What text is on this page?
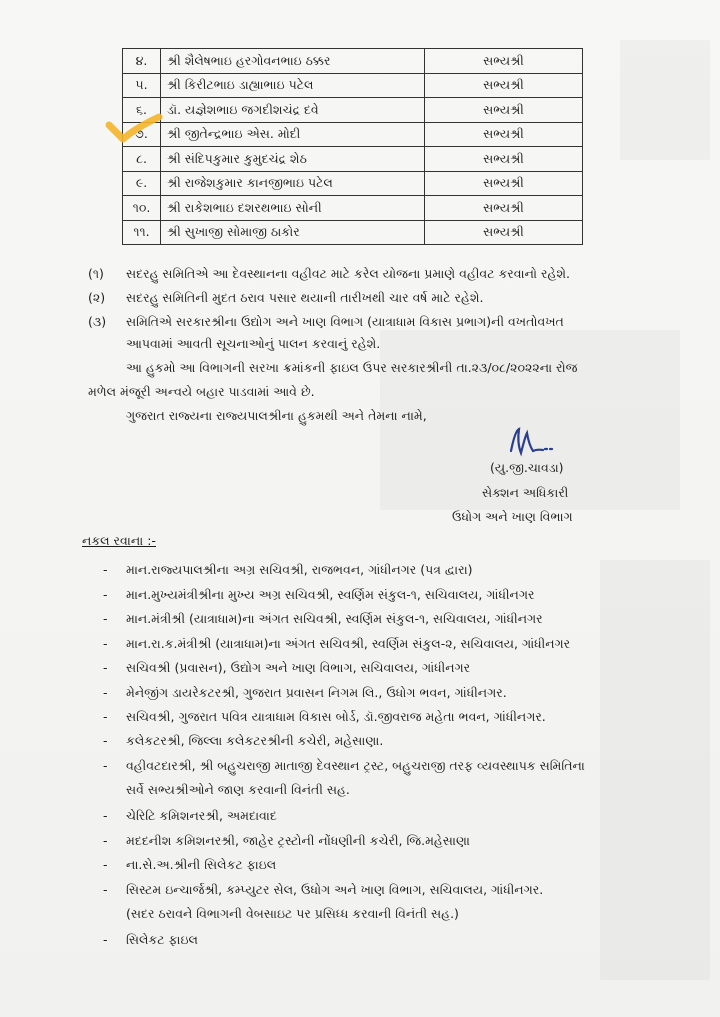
૪.	શ્રી શૈલેષભાઇ હરગોવનભાઇ ઠક્કર	સભ્યશ્રી
૫.	શ્રી કિરીટભાઇ ડાહ્યાભાઇ પટેલ	સભ્યશ્રી
૬.	ડૉ. યજ્ઞેશભાઇ જગદીશચંદ્ર દવે	સભ્યશ્રી
૭.	શ્રી જીતેન્દ્રભાઇ એસ. મોદી	સભ્યશ્રી
૮.	શ્રી સંદિપકુમાર કુમુદચંદ્ર શેઠ	સભ્યશ્રી
૯.	શ્રી રાજેશકુમાર કાનજીભાઇ પટેલ	સભ્યશ્રી
૧૦.	શ્રી રાકેશભાઇ દશરથભાઇ સોની	સભ્યશ્રી
૧૧.	શ્રી સુખાજી સોમાજી ઠાકોર	સભ્યશ્રી
(૧) સદરહુ સમિતિએ આ દેવસ્થાનના વહીવટ માટે કરેલ યોજના પ્રમાણે વહીવટ કરવાનો રહેશે.
(૨) સદરહુ સમિતિની મુદત ઠરાવ પસાર થયાની તારીખથી ચાર વર્ષ માટે રહેશે.
(૩) સમિતિએ સરકારશ્રીના ઉદ્યોગ અને ખાણ વિભાગ (યાત્રાધામ વિકાસ પ્રભાગ)ની વખતોવખત
આપવામાં આવતી સૂચનાઓનું પાલન કરવાનું રહેશે.
આ હુકમો આ વિભાગની સરખા ક્રમાંકની ફાઇલ ઉપર સરકારશ્રીની તા.૨૩/૦૮/૨૦૨૨ના રોજ
મળેલ મંજૂરી અન્વયે બહાર પાડવામાં આવે છે.
ગુજરાત રાજ્યના રાજ્યપાલશ્રીના હુકમથી અને તેમના નામે,
(યુ.જી.ચાવડા)
સેક્શન અધિકારી
ઉધોગ અને ખાણ વિભાગ
નકલ રવાના :-
- માન.રાજ્યપાલશ્રીના અગ્ર સચિવશ્રી, રાજભવન, ગાંધીનગર (પત્ર દ્વારા)
- માન.મુખ્યમંત્રીશ્રીના મુખ્ય અગ્ર સચિવશ્રી, સ્વર્ણિમ સંકુલ-૧, સચિવાલય, ગાંધીનગર
- માન.મંત્રીશ્રી (યાત્રાધામ)ના અંગત સચિવશ્રી, સ્વર્ણિમ સંકુલ-૧, સચિવાલય, ગાંધીનગર
- માન.રા.ક.મંત્રીશ્રી (યાત્રાધામ)ના અંગત સચિવશ્રી, સ્વર્ણિમ સંકુલ-૨, સચિવાલય, ગાંધીનગર
- સચિવશ્રી (પ્રવાસન), ઉદ્યોગ અને ખાણ વિભાગ, સચિવાલય, ગાંધીનગર
- મેનેજીંગ ડાયરેકટરશ્રી, ગુજરાત પ્રવાસન નિગમ લિ., ઉધોગ ભવન, ગાંધીનગર.
- સચિવશ્રી, ગુજરાત પવિત્ર યાત્રાધામ વિકાસ બોર્ડ, ડૉ.જીવરાજ મહેતા ભવન, ગાંધીનગર.
- કલેકટરશ્રી, જિલ્લા કલેકટરશ્રીની કચેરી, મહેસાણા.
- વહીવટદારશ્રી, શ્રી બહુચરાજી માતાજી દેવસ્થાન ટ્રસ્ટ, બહુચરાજી તરફ વ્યવસ્થાપક સમિતિના
સર્વે સભ્યશ્રીઓને જાણ કરવાની વિનંતી સહ.
- ચેરિટિ કમિશનરશ્રી, અમદાવાદ
- મદદનીશ કમિશનરશ્રી, જાહેર ટ્રસ્ટોની નોંધણીની કચેરી, જિ.મહેસાણા
- ના.સે.અ.શ્રીની સિલેકટ ફાઇલ
- સિસ્ટમ ઇન્ચાર્જશ્રી, કમ્પ્યુટર સેલ, ઉધોગ અને ખાણ વિભાગ, સચિવાલય, ગાંધીનગર.
(સદર ઠરાવને વિભાગની વેબસાઇટ પર પ્રસિધ્ધ કરવાની વિનંતી સહ.)
- સિલેકટ ફાઇલ
